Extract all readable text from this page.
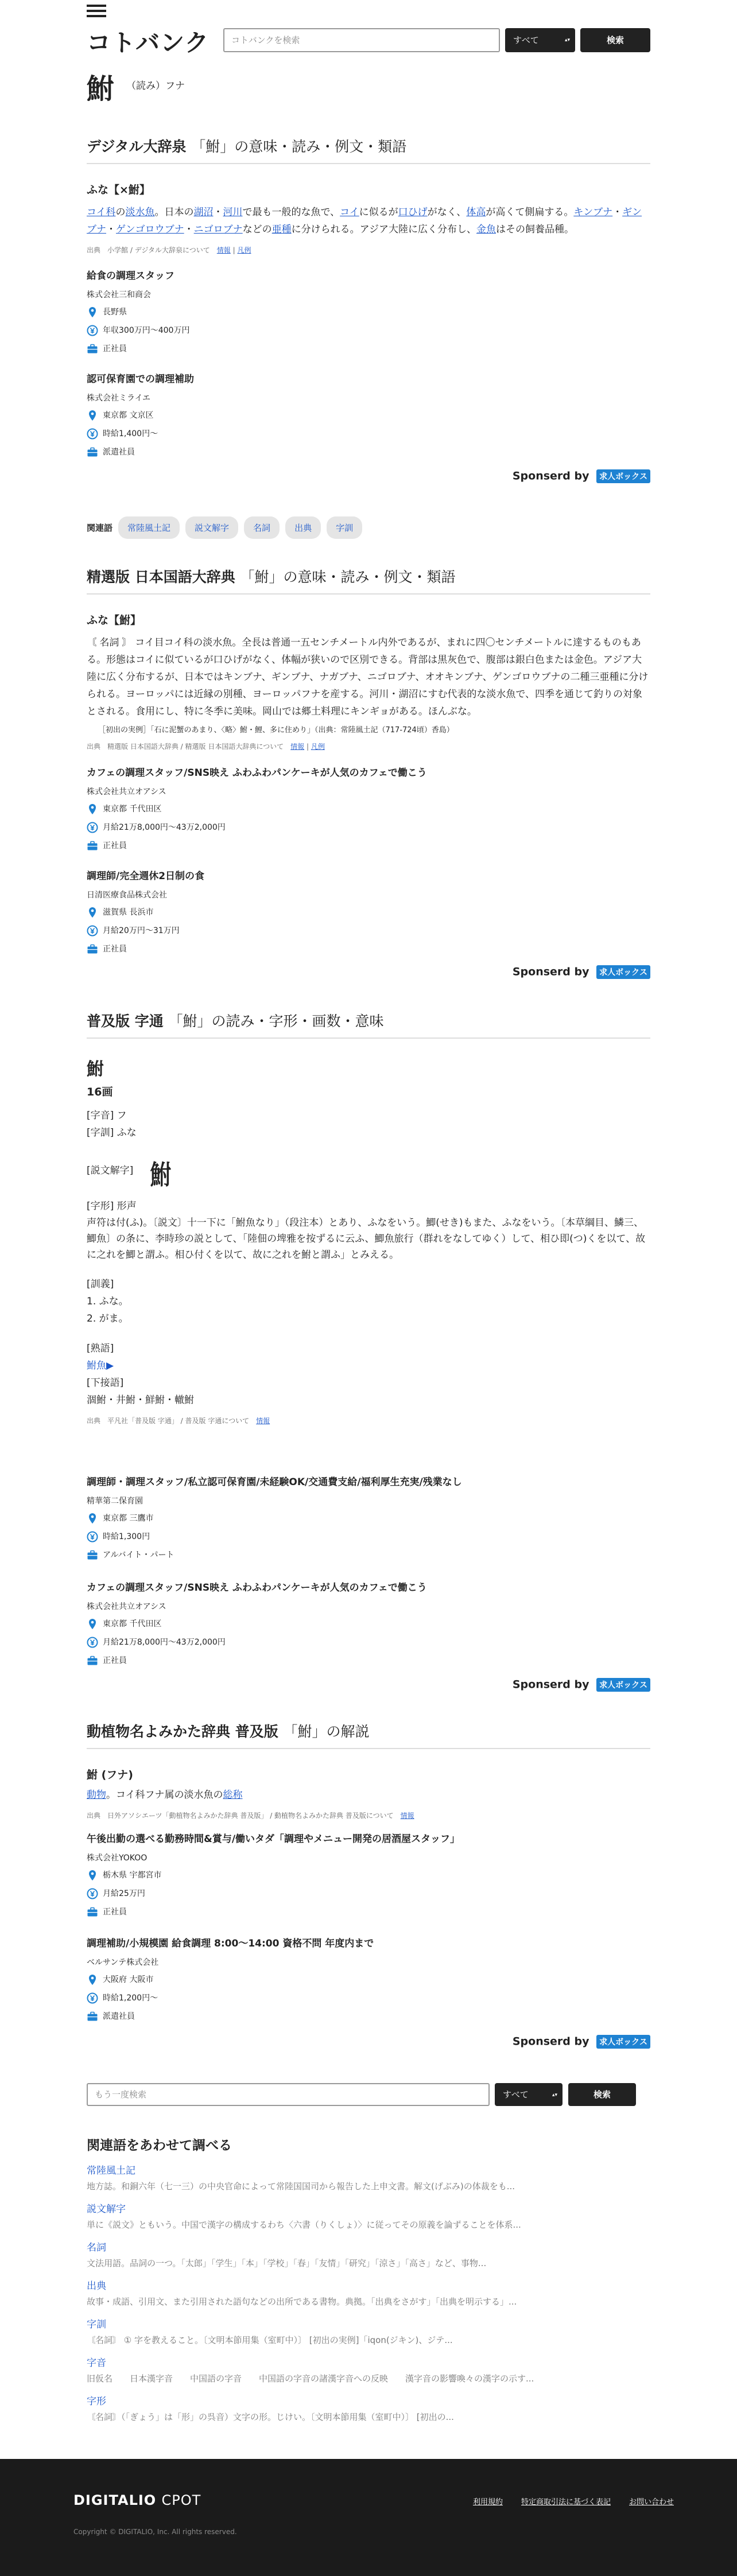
コトバンク	コトバンクを検索	すべて ▴▾	検索
鮒 （読み）フナ
デジタル大辞泉 「鮒」の意味・読み・例文・類語
ふな【×鮒】
コイ科の淡水魚。日本の湖沼・河川で最も一般的な魚で、コイに似るが口ひげがなく、体高が高くて側扁する。キンブナ・ギンブナ・ゲンゴロウブナ・ニゴロブナなどの亜種に分けられる。アジア大陸に広く分布し、金魚はその飼養品種。
出典　 小学館 / デジタル大辞泉について　 情報 | 凡例
給食の調理スタッフ
株式会社三和商会
長野県
年収300万円〜400万円
正社員
認可保育園での調理補助
株式会社ミライエ
東京都 文京区
時給1,400円〜
派遣社員
Sponserd by 求人ボックス
関連語	常陸風土記	説文解字	名詞	出典	字訓
精選版 日本国語大辞典 「鮒」の意味・読み・例文・類語
ふな【鮒】
〘 名詞 〙 コイ目コイ科の淡水魚。全長は普通一五センチメートル内外であるが、まれに四〇センチメートルに達するものもある。形態はコイに似ているが口ひげがなく、体幅が狭いので区別できる。背部は黒灰色で、腹部は銀白色または金色。アジア大陸に広く分布するが、日本ではキンブナ、ギンブナ、ナガブナ、ニゴロブナ、オオキンブナ、ゲンゴロウブナの二種三亜種に分けられる。ヨーロッパには近縁の別種、ヨーロッパフナを産する。河川・湖沼にすむ代表的な淡水魚で、四季を通じて釣りの対象とされる。食用にし、特に冬季に美味。岡山では郷土料理にキンギョがある。ほんぶな。
［初出の実例］「石に泥蟹のあまり、〈略〉鮒・鯉、多に住めり」（出典：常陸風土記（717‐724頃）香島）
出典　 精選版 日本国語大辞典 / 精選版 日本国語大辞典について　 情報 | 凡例
カフェの調理スタッフ/SNS映え ふわふわパンケーキが人気のカフェで働こう
株式会社共立オアシス
東京都 千代田区
月給21万8,000円〜43万2,000円
正社員
調理師/完全週休2日制の食
日清医療食品株式会社
滋賀県 長浜市
月給20万円〜31万円
正社員
Sponserd by 求人ボックス
普及版 字通 「鮒」の読み・字形・画数・意味
鮒
16画
[字音] フ
[字訓] ふな
[説文解字] 鮒
[字形] 形声
声符は付(ふ)。〔説文〕十一下に「鮒魚なり」（段注本）とあり、ふなをいう。鯽(せき)もまた、ふなをいう。〔本草綱目、鱗三、鯽魚〕の条に、李時珍の説として、「陸佃の埤雅を按ずるに云ふ、鯽魚旅行（群れをなしてゆく）して、相ひ即(つ)くを以て、故に之れを鯽と謂ふ。相ひ付くを以て、故に之れを鮒と謂ふ」とみえる。
[訓義]
1. ふな。
2. がま。
[熟語]
鮒魚▶
[下接語]
涸鮒・井鮒・鮮鮒・轍鮒
出典　 平凡社「普及版 字通」 / 普及版 字通について　 情報
調理師・調理スタッフ/私立認可保育園/未経験OK/交通費支給/福利厚生充実/残業なし
精華第二保育園
東京都 三鷹市
時給1,300円
アルバイト・パート
カフェの調理スタッフ/SNS映え ふわふわパンケーキが人気のカフェで働こう
株式会社共立オアシス
東京都 千代田区
月給21万8,000円〜43万2,000円
正社員
Sponserd by 求人ボックス
動植物名よみかた辞典 普及版 「鮒」の解説
鮒 (フナ)
動物。コイ科フナ属の淡水魚の総称
出典　 日外アソシエーツ「動植物名よみかた辞典 普及版」 / 動植物名よみかた辞典 普及版について　 情報
午後出勤の選べる勤務時間&賞与/働いタダ「調理やメニュー開発の居酒屋スタッフ」
株式会社YOKOO
栃木県 宇都宮市
月給25万円
正社員
調理補助/小規模園 給食調理 8:00〜14:00 資格不問 年度内まで
ベルサンテ株式会社
大阪府 大阪市
時給1,200円〜
派遣社員
Sponserd by 求人ボックス
もう一度検索	すべて ▴▾	検索
関連語をあわせて調べる
常陸風土記
地方誌。和銅六年（七一三）の中央官命によって常陸国国司から報告した上申文書。解文(げぶみ)の体裁をも...
説文解字
単に《説文》ともいう。中国で漢字の構成するわち〈六書（りくしょ）〉に従ってその原義を論ずることを体系...
名詞
文法用語。品詞の一つ。「太郎」「学生」「本」「学校」「春」「友情」「研究」「涼さ」「高さ」など、事物...
出典
故事・成語、引用文、また引用された語句などの出所である書物。典拠。「出典をさがす」「出典を明示する」...
字訓
〘名詞〙 ① 字を教えること。〔文明本節用集（室町中）〕 [初出の実例]「iqon(ジキン)、ジテ...
字音
旧仮名　　日本漢字音　　中国語の字音　　中国語の字音の諸漢字音への反映　　漢字音の影響喚々の漢字の示す...
字形
〘名詞〙（「ぎょう」は「形」の呉音）文字の形。じけい。〔文明本節用集（室町中）〕 [初出の...
DIGITALIO CPOT	利用規約 特定商取引法に基づく表記 お問い合わせ
Copyright © DIGITALIO, Inc. All rights reserved.
